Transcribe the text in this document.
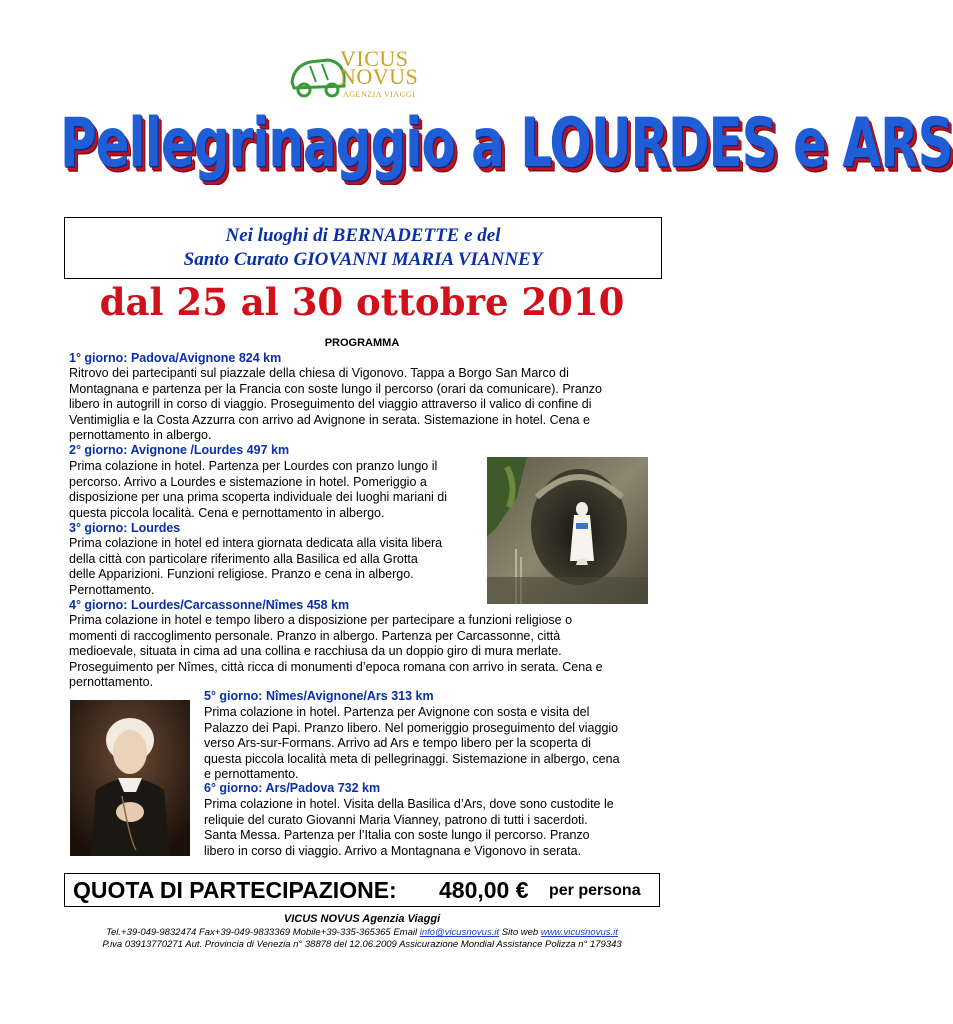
VICUS NOVUS
AGENZIA VIAGGI
Pellegrinaggio a LOURDES e ARS
Nei luoghi di BERNADETTE e del
Santo Curato GIOVANNI MARIA VIANNEY
dal 25 al 30 ottobre 2010
PROGRAMMA
1° giorno: Padova/Avignone 824 km
Ritrovo dei partecipanti sul piazzale della chiesa di Vigonovo. Tappa a Borgo San Marco di
Montagnana e partenza per la Francia con soste lungo il percorso (orari da comunicare). Pranzo
libero in autogrill in corso di viaggio. Proseguimento del viaggio attraverso il valico di confine di
Ventimiglia e la Costa Azzurra con arrivo ad Avignone in serata. Sistemazione in hotel. Cena e
pernottamento in albergo.
2° giorno: Avignone /Lourdes 497 km
Prima colazione in hotel. Partenza per Lourdes con pranzo lungo il
percorso. Arrivo a Lourdes e sistemazione in hotel. Pomeriggio a
disposizione per una prima scoperta individuale dei luoghi mariani di
questa piccola località. Cena e pernottamento in albergo.
3° giorno: Lourdes
Prima colazione in hotel ed intera giornata dedicata alla visita libera
della città con particolare riferimento alla Basilica ed alla Grotta
delle Apparizioni. Funzioni religiose. Pranzo e cena in albergo.
Pernottamento.
4° giorno: Lourdes/Carcassonne/Nîmes 458 km
Prima colazione in hotel e tempo libero a disposizione per partecipare a funzioni religiose o
momenti di raccoglimento personale. Pranzo in albergo. Partenza per Carcassonne, città
medioevale, situata in cima ad una collina e racchiusa da un doppio giro di mura merlate.
Proseguimento per Nîmes, città ricca di monumenti d’epoca romana con arrivo in serata. Cena e
pernottamento.
5° giorno: Nîmes/Avignone/Ars 313 km
Prima colazione in hotel. Partenza per Avignone con sosta e visita del
Palazzo dei Papi. Pranzo libero. Nel pomeriggio proseguimento del viaggio
verso Ars-sur-Formans. Arrivo ad Ars e tempo libero per la scoperta di
questa piccola località meta di pellegrinaggi. Sistemazione in albergo, cena
e pernottamento.
6° giorno: Ars/Padova 732 km
Prima colazione in hotel. Visita della Basilica d’Ars, dove sono custodite le
reliquie del curato Giovanni Maria Vianney, patrono di tutti i sacerdoti.
Santa Messa. Partenza per l’Italia con soste lungo il percorso. Pranzo
libero in corso di viaggio. Arrivo a Montagnana e Vigonovo in serata.
QUOTA DI PARTECIPAZIONE: 480,00 € per persona
VICUS NOVUS Agenzia Viaggi
Tel.+39-049-9832474 Fax+39-049-9833369 Mobile+39-335-365365 Email info@vicusnovus.it Sito web www.vicusnovus.it
P.iva 03913770271 Aut. Provincia di Venezia n° 38878 del 12.06.2009 Assicurazione Mondial Assistance Polizza n° 179343
